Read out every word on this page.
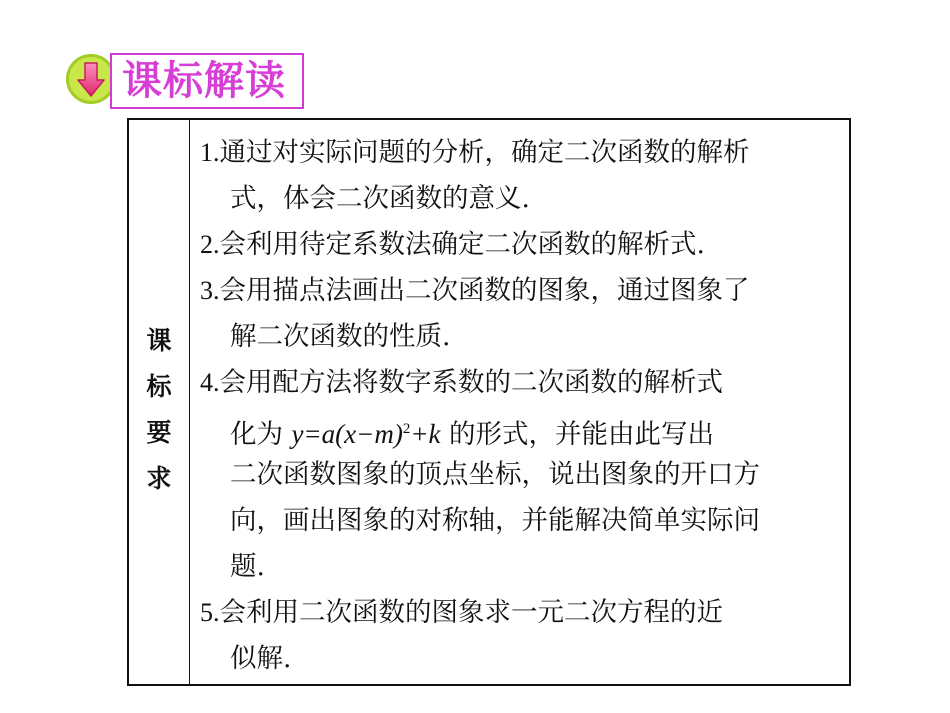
课标解读
课
标
要
求
1.通过对实际问题的分析，确定二次函数的解析
式，体会二次函数的意义.
2.会利用待定系数法确定二次函数的解析式.
3.会用描点法画出二次函数的图象，通过图象了
解二次函数的性质.
4.会用配方法将数字系数的二次函数的解析式
化为 $y=a(x-m)^2+k$ 的形式，并能由此写出
二次函数图象的顶点坐标，说出图象的开口方
向，画出图象的对称轴，并能解决简单实际问
题.
5.会利用二次函数的图象求一元二次方程的近
似解.
